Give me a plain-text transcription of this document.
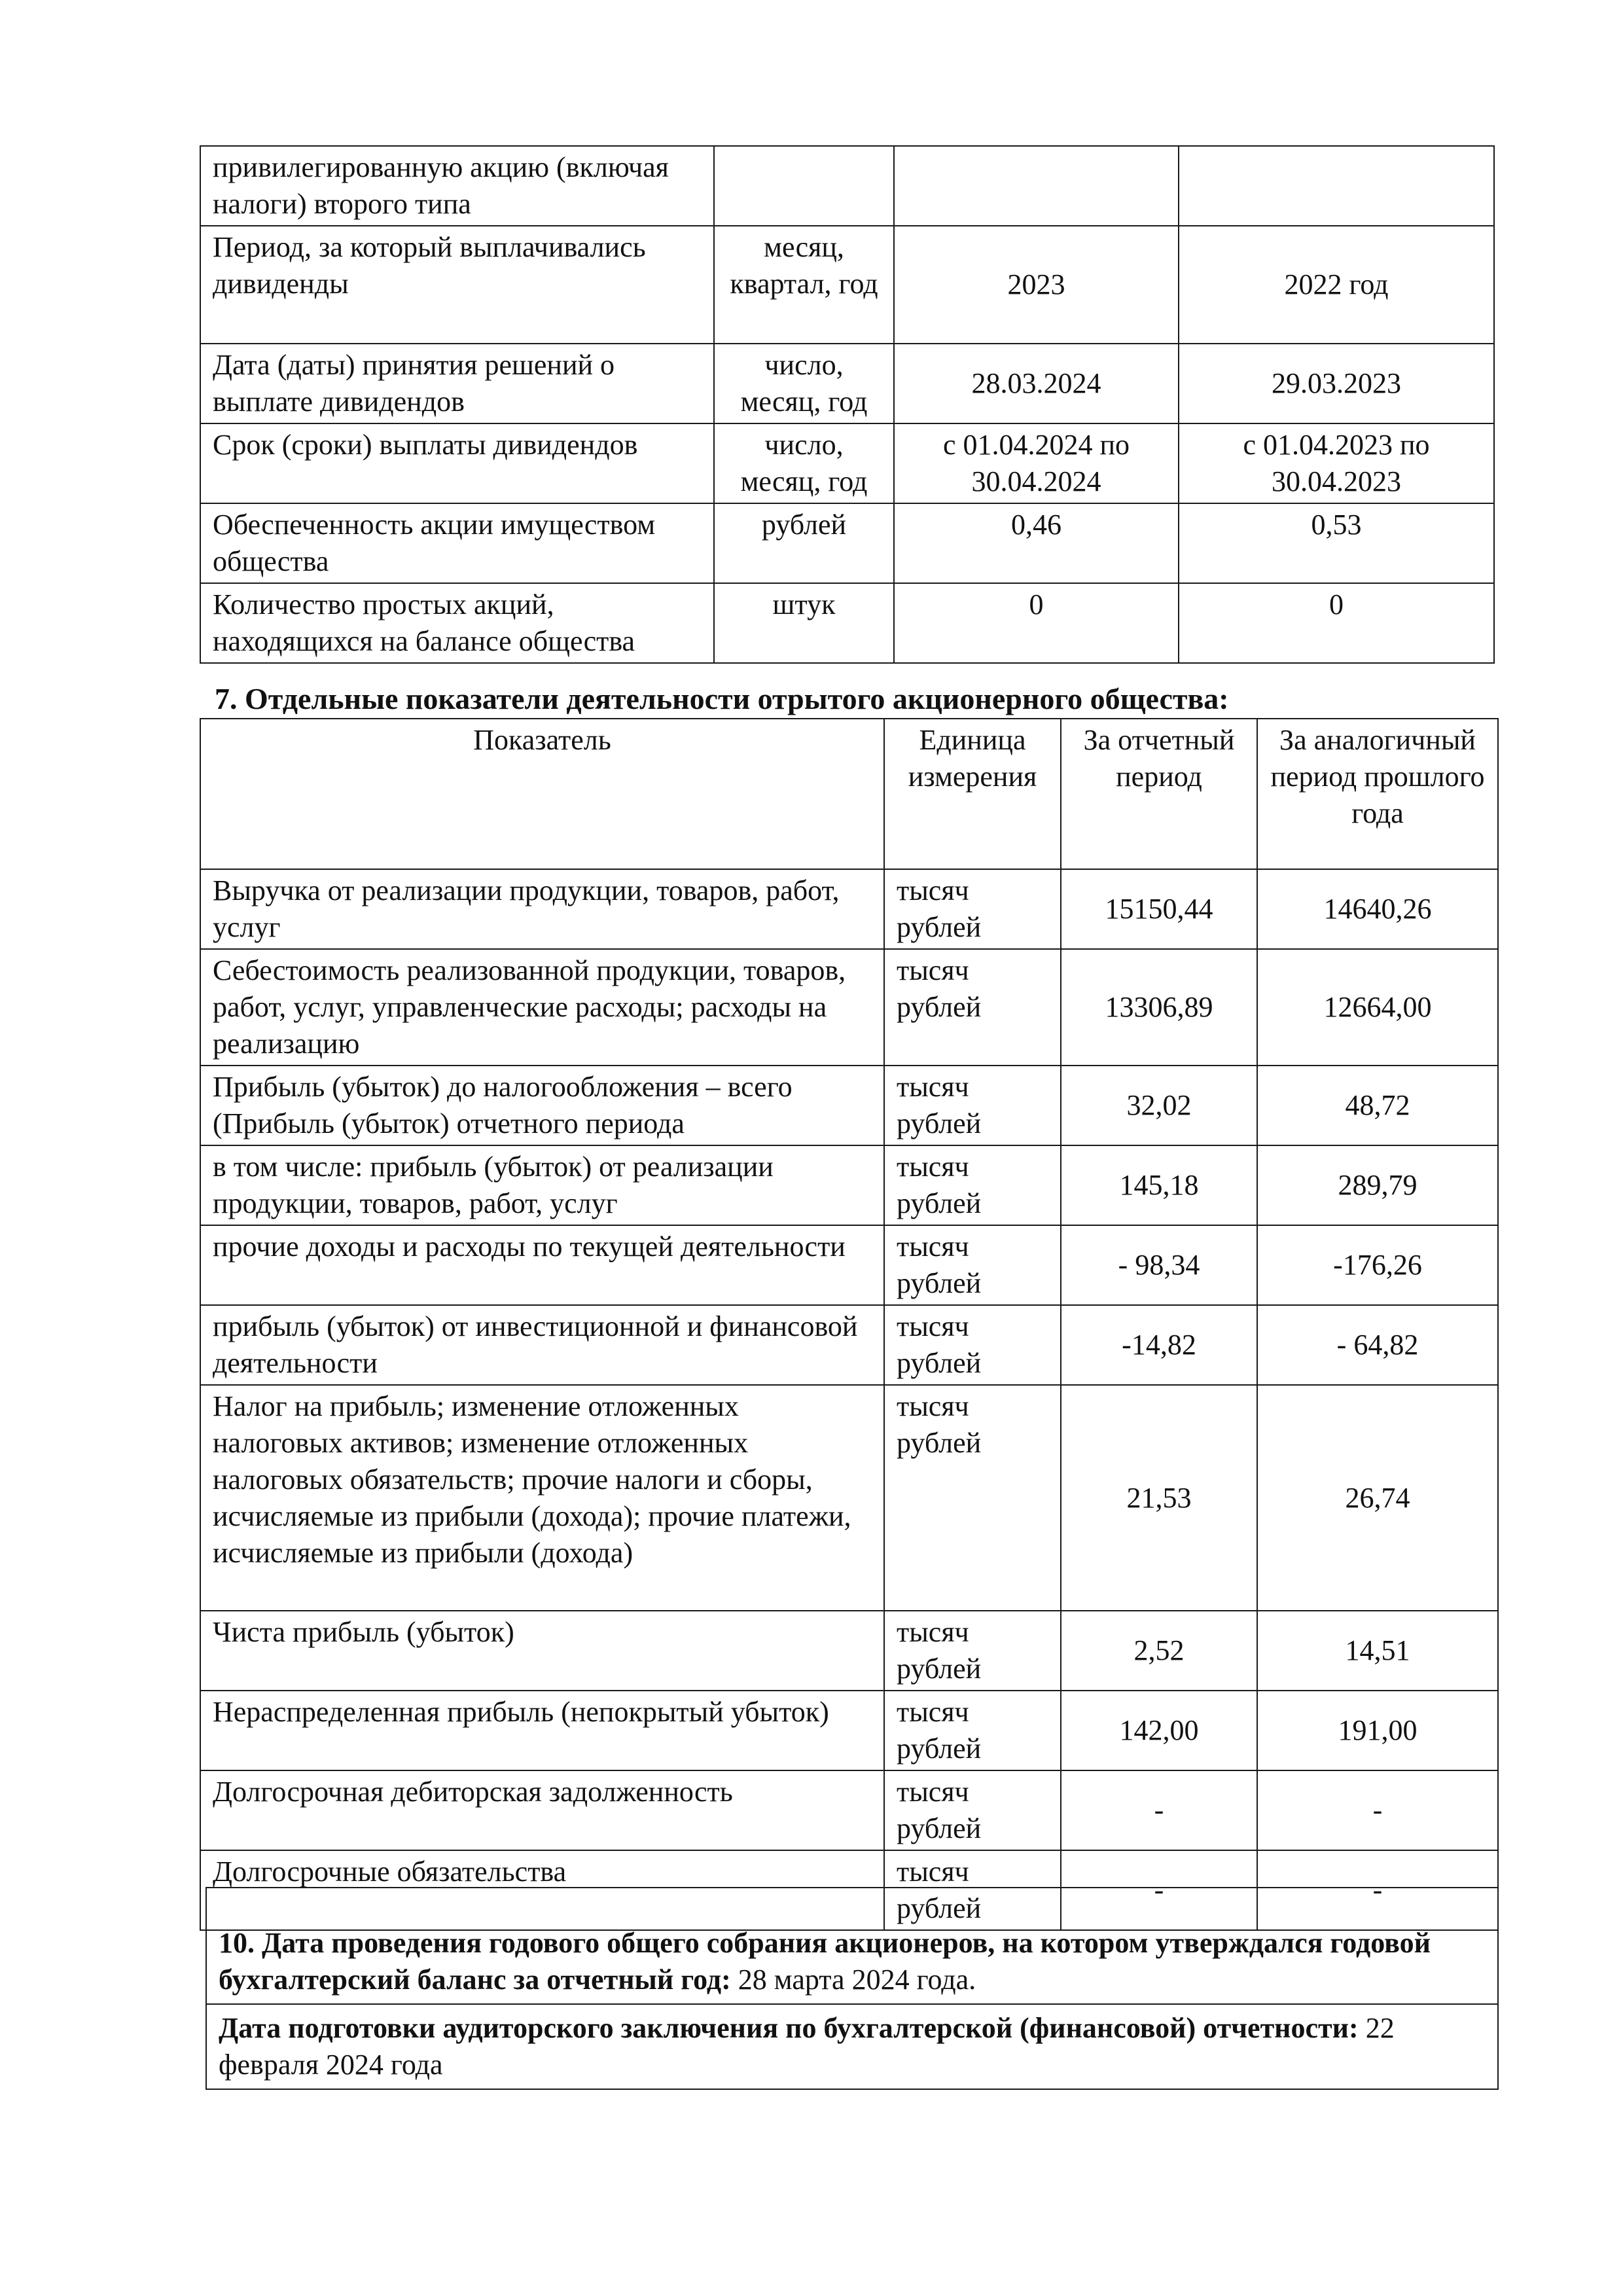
привилегированную акцию (включая налоги) второго типа			
Период, за который выплачивались дивиденды	месяц, квартал, год	2023	2022 год
Дата (даты) принятия решений о выплате дивидендов	число, месяц, год	28.03.2024	29.03.2023
Срок (сроки) выплаты дивидендов	число, месяц, год	с 01.04.2024 по 30.04.2024	с 01.04.2023 по 30.04.2023
Обеспеченность акции имуществом общества	рублей	0,46	0,53
Количество простых акций, находящихся на балансе общества	штук	0	0
7. Отдельные показатели деятельности отрытого акционерного общества:
Показатель	Единица измерения	За отчетный период	За аналогичный период прошлого года
Выручка от реализации продукции, товаров, работ, услуг	тысяч рублей	15150,44	14640,26
Себестоимость реализованной продукции, товаров, работ, услуг, управленческие расходы; расходы на реализацию	тысяч рублей	13306,89	12664,00
Прибыль (убыток) до налогообложения – всего (Прибыль (убыток) отчетного периода	тысяч рублей	32,02	48,72
в том числе: прибыль (убыток) от реализации продукции, товаров, работ, услуг	тысяч рублей	145,18	289,79
прочие доходы и расходы по текущей деятельности	тысяч рублей	- 98,34	-176,26
прибыль (убыток) от инвестиционной и финансовой деятельности	тысяч рублей	-14,82	- 64,82
Налог на прибыль; изменение отложенных налоговых активов; изменение отложенных налоговых обязательств; прочие налоги и сборы, исчисляемые из прибыли (дохода); прочие платежи, исчисляемые из прибыли (дохода)	тысяч рублей	21,53	26,74
Чиста прибыль (убыток)	тысяч рублей	2,52	14,51
Нераспределенная прибыль (непокрытый убыток)	тысяч рублей	142,00	191,00
Долгосрочная дебиторская задолженность	тысяч рублей	-	-
Долгосрочные обязательства	тысяч рублей	-	-
10. Дата проведения годового общего собрания акционеров, на котором утверждался годовой бухгалтерский баланс за отчетный год: 28 марта 2024 года.
Дата подготовки аудиторского заключения по бухгалтерской (финансовой) отчетности: 22 февраля 2024 года
